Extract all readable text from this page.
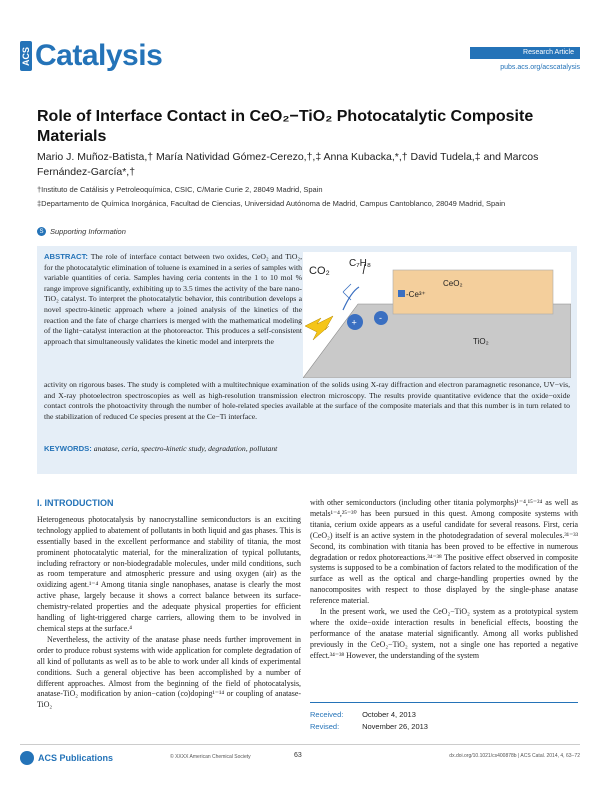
ACS Catalysis	Research Article
pubs.acs.org/acscatalysis
Role of Interface Contact in CeO₂−TiO₂ Photocatalytic Composite Materials
Mario J. Muñoz-Batista,† María Natividad Gómez-Cerezo,†,‡ Anna Kubacka,*,† David Tudela,‡ and Marcos Fernández-García*,†
†Instituto de Catálisis y Petroleoquímica, CSIC, C/Marie Curie 2, 28049 Madrid, Spain
‡Departamento de Química Inorgánica, Facultad de Ciencias, Universidad Autónoma de Madrid, Campus Cantoblanco, 28049 Madrid, Spain
S Supporting Information
ABSTRACT: The role of interface contact between two oxides, CeO₂ and TiO₂, for the photocatalytic elimination of toluene is examined in a series of samples with variable quantities of ceria. Samples having ceria contents in the 1 to 10 mol % range improve significantly, exhibiting up to 3.5 times the activity of the bare nano-TiO₂ catalyst. To interpret the photocatalytic behavior, this contribution develops a novel spectro-kinetic approach where a joined analysis of the kinetics of the reaction and the fate of charge charriers is merged with the mathematical modeling of the light−catalyst interaction at the photoreactor. This produces a self-consistent approach that simultaneously validates the kinetic model and interprets the
activity on rigorous bases. The study is completed with a multitechnique examination of the solids using X-ray diffraction and electron paramagnetic resonance, UV−vis, and X-ray photoelectron spectroscopies as well as high-resolution transmission electron microscopy. The results provide quantitative evidence that the oxide−oxide contact controls the photoactivity through the number of hole-related species available at the surface of the composite materials and that this number is in turn related to the stabilization of reduced Ce species present at the Ce−Ti interface.
KEYWORDS: anatase, ceria, spectro-kinetic study, degradation, pollutant
CO₂
C₇H₈
CeO₂
-Ce³⁺
TiO₂
+ -
I. INTRODUCTION

Heterogeneous photocatalysis by nanocrystalline semiconductors is an exciting technology applied to abatement of pollutants in both liquid and gas phases. This is essentially based in the excellent performance and stability of titania, the most prominent photocatalytic material, for the mineralization of typical pollutants, including refractory or non-biodegradable molecules, under mild conditions, such as room temperature and atmospheric pressure and using oxygen (air) as the oxidizing agent.¹⁻⁴ Among titania single nanophases, anatase is clearly the most active phase, largely because it shows a correct balance between its surface-chemistry-related properties and the adequate physical properties for efficient handling of light-triggered charge carriers, allowing them to be involved in chemical steps at the surface.⁴

Nevertheless, the activity of the anatase phase needs further improvement in order to produce robust systems with wide application for complete degradation of all kind of pollutants as well as to be able to work under all kinds of experimental conditions. Such a general objective has been accomplished by a number of different approaches. Almost from the beginning of the field of photocatalysis, anatase-TiO₂ modification by anion−cation (co)doping¹⁻¹⁴ or coupling of anatase-TiO₂

with other semiconductors (including other titania polymorphs)¹⁻⁴,¹⁵⁻²⁴ as well as metals¹⁻⁴,²⁵⁻³⁰ has been pursued in this quest. Among composite systems with titania, cerium oxide appears as a useful candidate for several reasons. First, ceria (CeO₂) itself is an active system in the photodegradation of several molecules.³¹⁻³³ Second, its combination with titania has been proved to be effective in numerous degradation or redox photoreactions.³⁴⁻³⁸ The positive effect observed in composite systems is supposed to be a combination of factors related to the modification of the surface as well as the optical and charge-handling properties owned by the nanocomposites with respect to those displayed by the single-phase anatase reference material.

In the present work, we used the CeO₂−TiO₂ system as a prototypical system where the oxide−oxide interaction results in beneficial effects, boosting the performance of the anatase material significantly. Among all works published previously in the CeO₂−TiO₂ system, not a single one has reported a negative effect.³⁴⁻³⁸ However, the understanding of the system

Received: October 4, 2013
Revised:	November 26, 2013
ACS Publications	© XXXX American Chemical Society	63	dx.doi.org/10.1021/cs400878b | ACS Catal. 2014, 4, 63−72
